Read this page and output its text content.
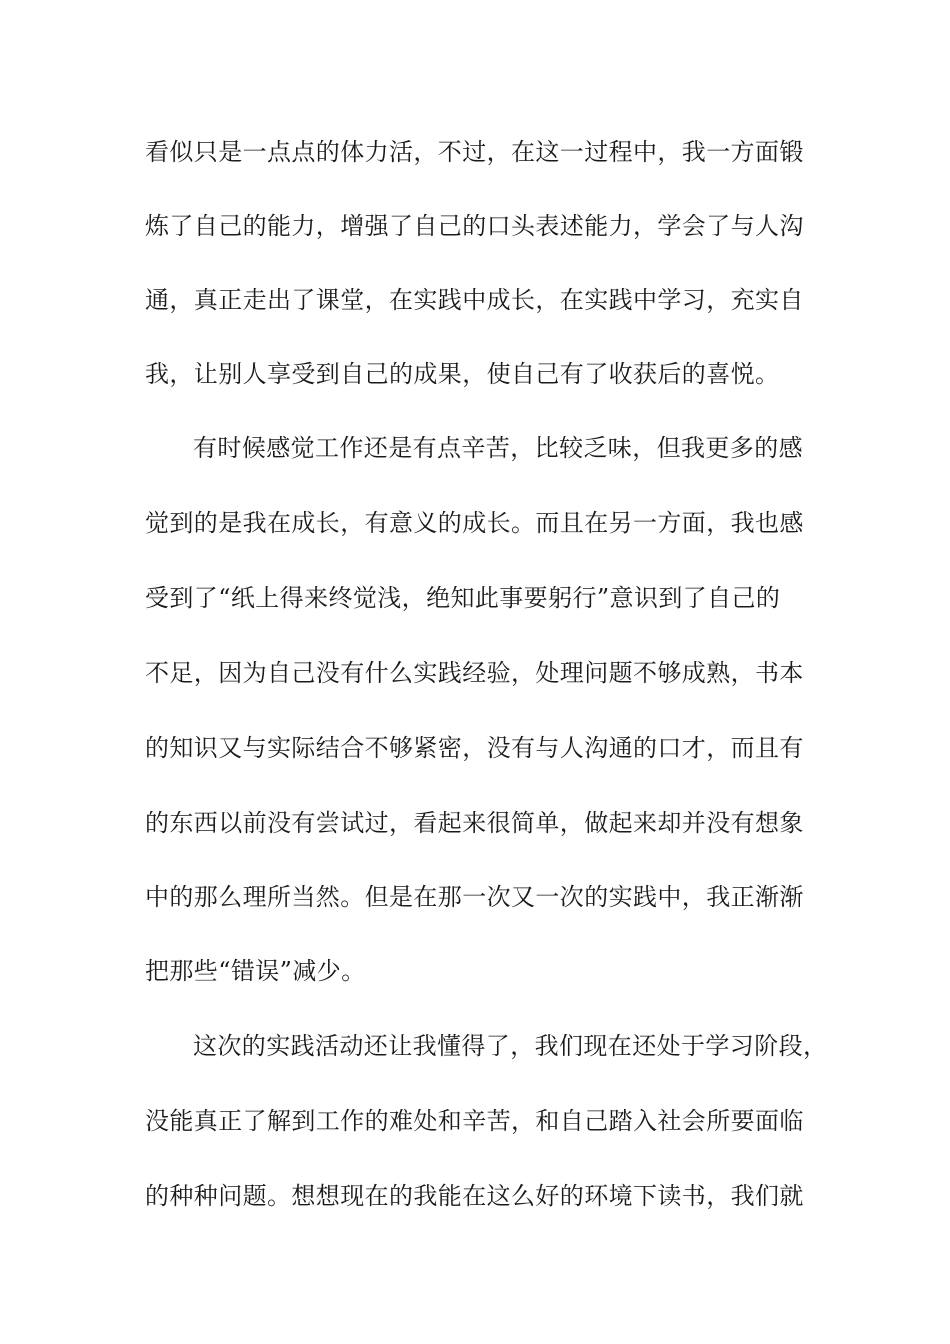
看似只是一点点的体力活，不过，在这一过程中，我一方面锻
炼了自己的能力，增强了自己的口头表述能力，学会了与人沟
通，真正走出了课堂，在实践中成长，在实践中学习，充实自
我，让别人享受到自己的成果，使自己有了收获后的喜悦。
有时候感觉工作还是有点辛苦，比较乏味，但我更多的感
觉到的是我在成长，有意义的成长。而且在另一方面，我也感
受到了“纸上得来终觉浅，绝知此事要躬行”意识到了自己的
不足，因为自己没有什么实践经验，处理问题不够成熟，书本
的知识又与实际结合不够紧密，没有与人沟通的口才，而且有
的东西以前没有尝试过，看起来很简单，做起来却并没有想象
中的那么理所当然。但是在那一次又一次的实践中，我正渐渐
把那些“错误”减少。
这次的实践活动还让我懂得了，我们现在还处于学习阶段，
没能真正了解到工作的难处和辛苦，和自己踏入社会所要面临
的种种问题。想想现在的我能在这么好的环境下读书，我们就
